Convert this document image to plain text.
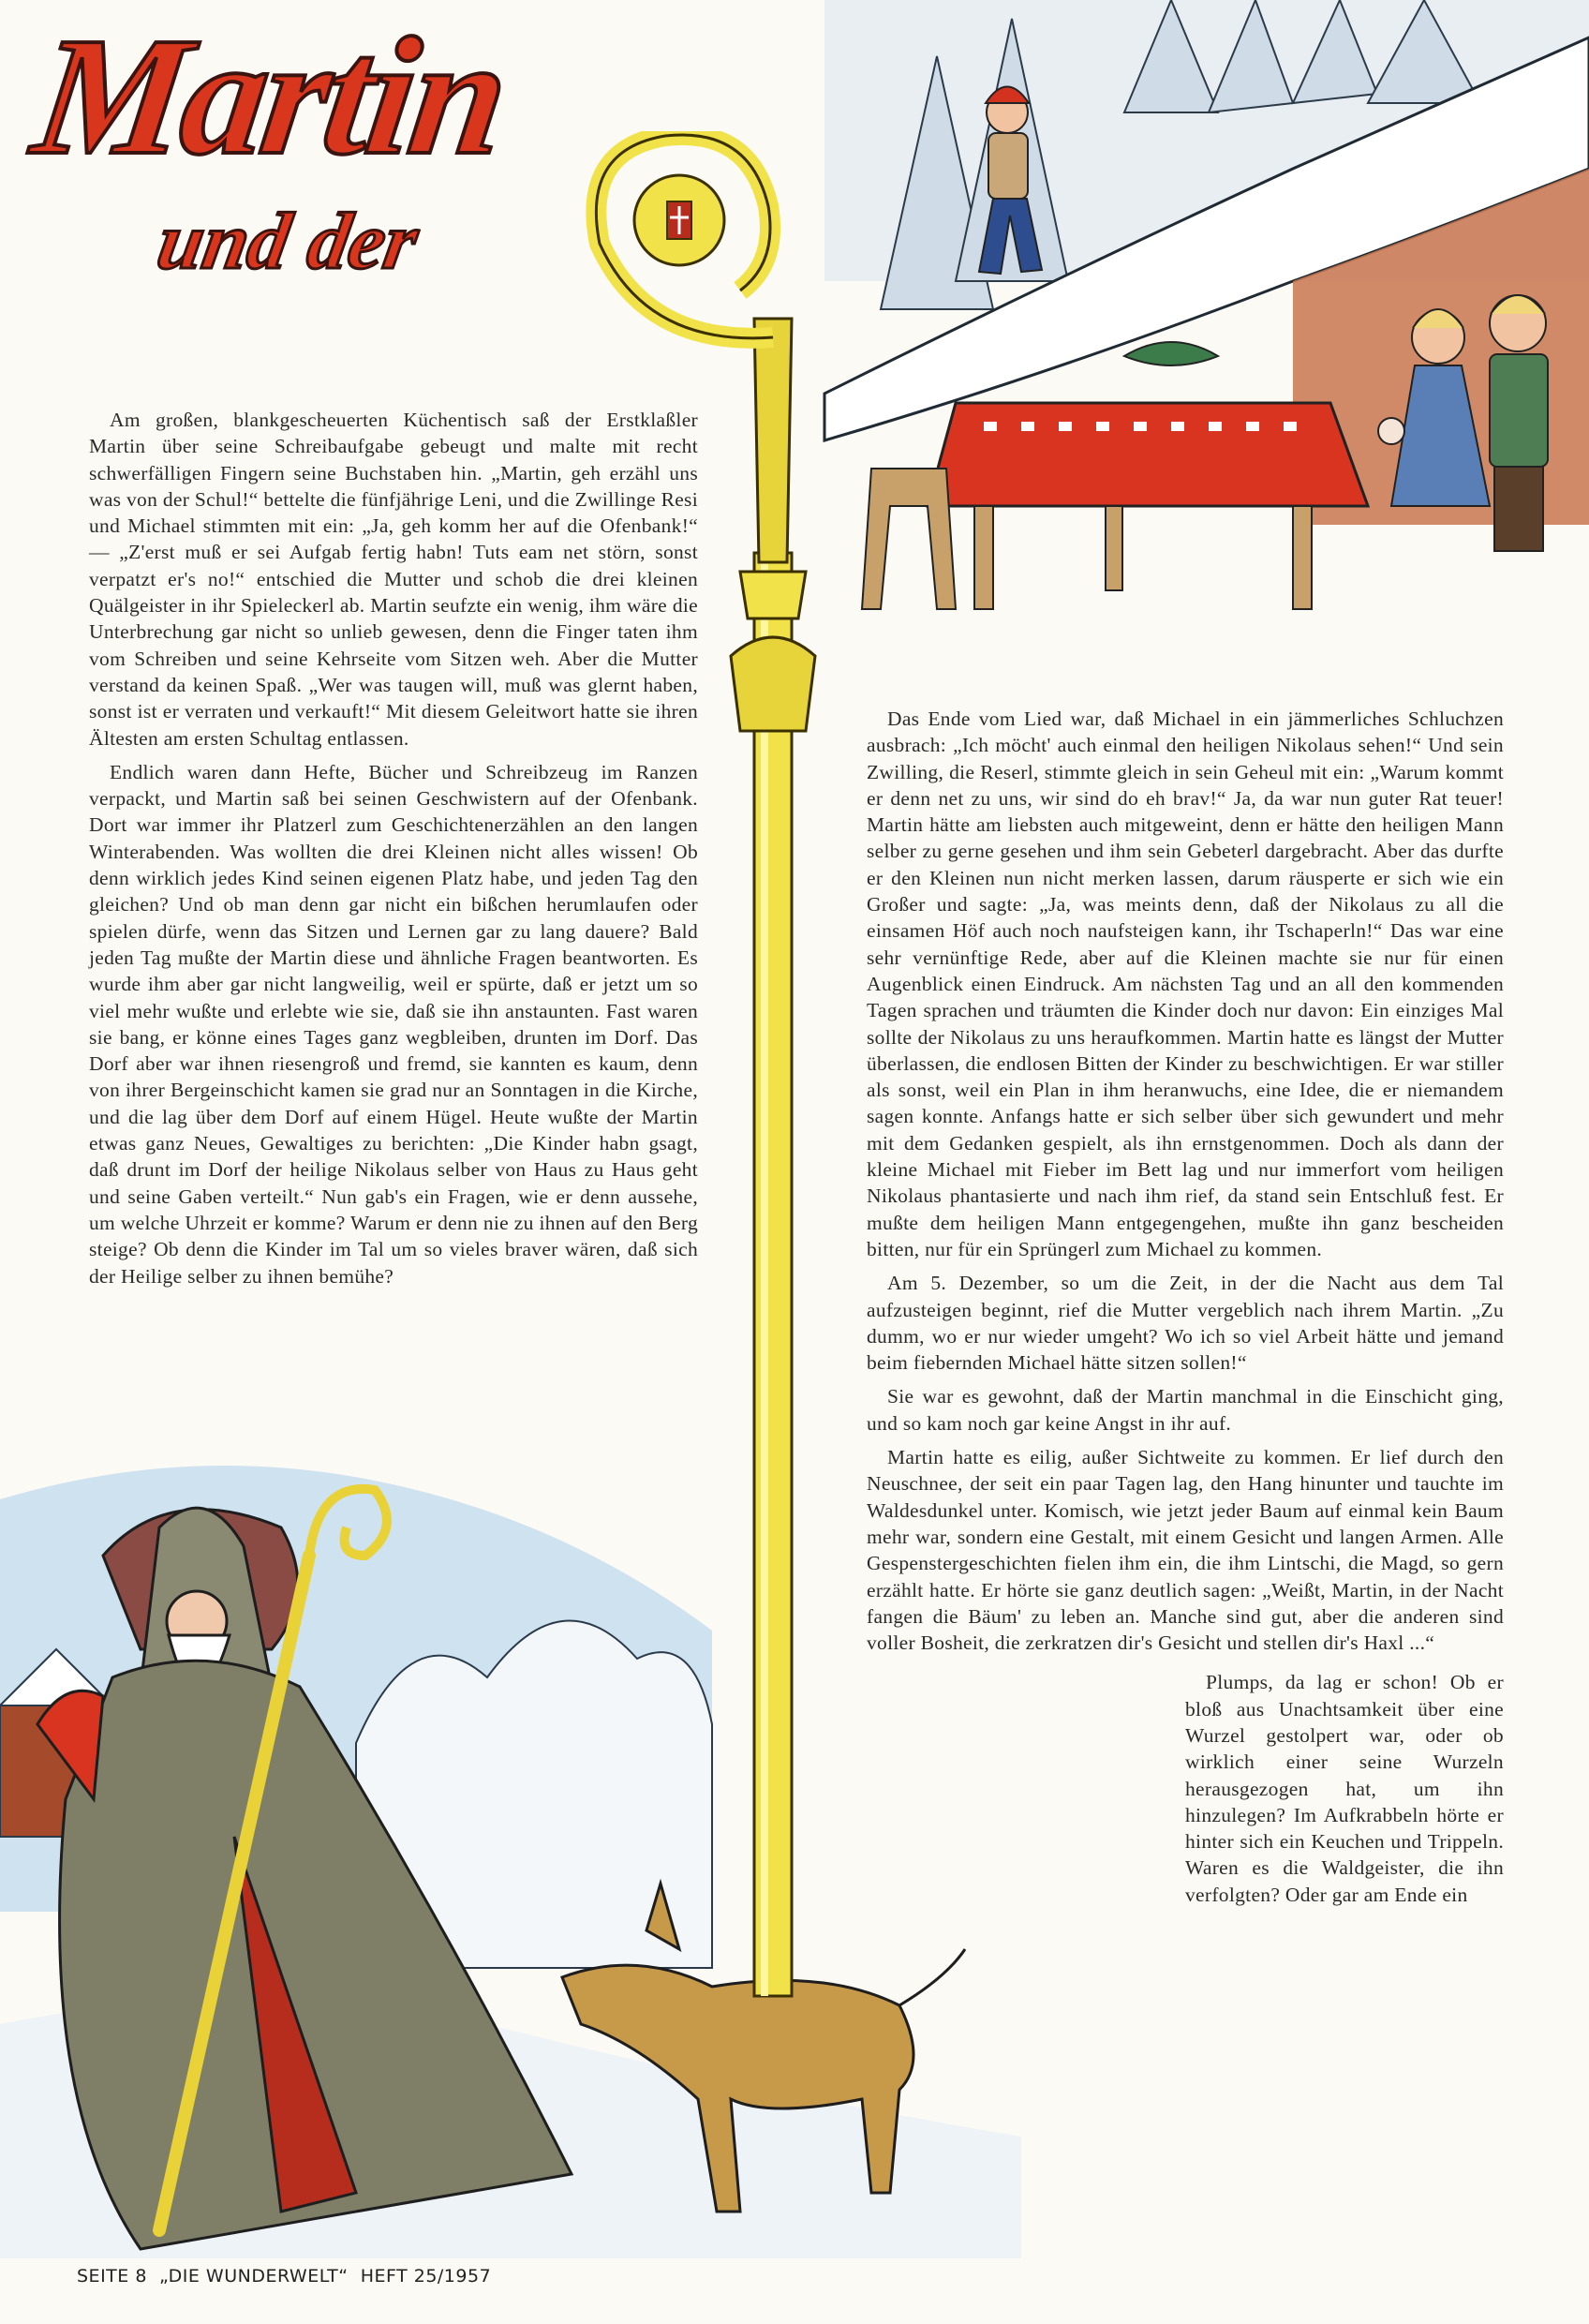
Martin
und der

Am großen, blankgescheuerten Küchentisch saß der Erstklaßler Martin über seine Schreibaufgabe gebeugt und malte mit recht schwerfälligen Fingern seine Buchstaben hin. „Martin, geh erzähl uns was von der Schul!“ bettelte die fünfjährige Leni, und die Zwillinge Resi und Michael stimmten mit ein: „Ja, geh komm her auf die Ofenbank!“ — „Z'erst muß er sei Aufgab fertig habn! Tuts eam net störn, sonst verpatzt er's no!“ entschied die Mutter und schob die drei kleinen Quälgeister in ihr Spieleckerl ab. Martin seufzte ein wenig, ihm wäre die Unterbrechung gar nicht so unlieb gewesen, denn die Finger taten ihm vom Schreiben und seine Kehrseite vom Sitzen weh. Aber die Mutter verstand da keinen Spaß. „Wer was taugen will, muß was glernt haben, sonst ist er verraten und verkauft!“ Mit diesem Geleitwort hatte sie ihren Ältesten am ersten Schultag entlassen.

Endlich waren dann Hefte, Bücher und Schreibzeug im Ranzen verpackt, und Martin saß bei seinen Geschwistern auf der Ofenbank. Dort war immer ihr Platzerl zum Geschichtenerzählen an den langen Winterabenden. Was wollten die drei Kleinen nicht alles wissen! Ob denn wirklich jedes Kind seinen eigenen Platz habe, und jeden Tag den gleichen? Und ob man denn gar nicht ein bißchen herumlaufen oder spielen dürfe, wenn das Sitzen und Lernen gar zu lang dauere? Bald jeden Tag mußte der Martin diese und ähnliche Fragen beantworten. Es wurde ihm aber gar nicht langweilig, weil er spürte, daß er jetzt um so viel mehr wußte und erlebte wie sie, daß sie ihn anstaunten. Fast waren sie bang, er könne eines Tages ganz wegbleiben, drunten im Dorf. Das Dorf aber war ihnen riesengroß und fremd, sie kannten es kaum, denn von ihrer Bergeinschicht kamen sie grad nur an Sonntagen in die Kirche, und die lag über dem Dorf auf einem Hügel. Heute wußte der Martin etwas ganz Neues, Gewaltiges zu berichten: „Die Kinder habn gsagt, daß drunt im Dorf der heilige Nikolaus selber von Haus zu Haus geht und seine Gaben verteilt.“ Nun gab's ein Fragen, wie er denn aussehe, um welche Uhrzeit er komme? Warum er denn nie zu ihnen auf den Berg steige? Ob denn die Kinder im Tal um so vieles braver wären, daß sich der Heilige selber zu ihnen bemühe?

Das Ende vom Lied war, daß Michael in ein jämmerliches Schluchzen ausbrach: „Ich möcht' auch einmal den heiligen Nikolaus sehen!“ Und sein Zwilling, die Reserl, stimmte gleich in sein Geheul mit ein: „Warum kommt er denn net zu uns, wir sind do eh brav!“ Ja, da war nun guter Rat teuer! Martin hätte am liebsten auch mitgeweint, denn er hätte den heiligen Mann selber zu gerne gesehen und ihm sein Gebeterl dargebracht. Aber das durfte er den Kleinen nun nicht merken lassen, darum räusperte er sich wie ein Großer und sagte: „Ja, was meints denn, daß der Nikolaus zu all die einsamen Höf auch noch naufsteigen kann, ihr Tschaperln!“ Das war eine sehr vernünftige Rede, aber auf die Kleinen machte sie nur für einen Augenblick einen Eindruck. Am nächsten Tag und an all den kommenden Tagen sprachen und träumten die Kinder doch nur davon: Ein einziges Mal sollte der Nikolaus zu uns heraufkommen. Martin hatte es längst der Mutter überlassen, die endlosen Bitten der Kinder zu beschwichtigen. Er war stiller als sonst, weil ein Plan in ihm heranwuchs, eine Idee, die er niemandem sagen konnte. Anfangs hatte er sich selber über sich gewundert und mehr mit dem Gedanken gespielt, als ihn ernstgenommen. Doch als dann der kleine Michael mit Fieber im Bett lag und nur immerfort vom heiligen Nikolaus phantasierte und nach ihm rief, da stand sein Entschluß fest. Er mußte dem heiligen Mann entgegengehen, mußte ihn ganz bescheiden bitten, nur für ein Sprüngerl zum Michael zu kommen.

Am 5. Dezember, so um die Zeit, in der die Nacht aus dem Tal aufzusteigen beginnt, rief die Mutter vergeblich nach ihrem Martin. „Zu dumm, wo er nur wieder umgeht? Wo ich so viel Arbeit hätte und jemand beim fiebernden Michael hätte sitzen sollen!“

Sie war es gewohnt, daß der Martin manchmal in die Einschicht ging, und so kam noch gar keine Angst in ihr auf.

Martin hatte es eilig, außer Sichtweite zu kommen. Er lief durch den Neuschnee, der seit ein paar Tagen lag, den Hang hinunter und tauchte im Waldesdunkel unter. Komisch, wie jetzt jeder Baum auf einmal kein Baum mehr war, sondern eine Gestalt, mit einem Gesicht und langen Armen. Alle Gespenstergeschichten fielen ihm ein, die ihm Lintschi, die Magd, so gern erzählt hatte. Er hörte sie ganz deutlich sagen: „Weißt, Martin, in der Nacht fangen die Bäum' zu leben an. Manche sind gut, aber die anderen sind voller Bosheit, die zerkratzen dir's Gesicht und stellen dir's Haxl ...“

Plumps, da lag er schon! Ob er bloß aus Unachtsamkeit über eine Wurzel gestolpert war, oder ob wirklich einer seine Wurzeln herausgezogen hat, um ihn hinzulegen? Im Aufkrabbeln hörte er hinter sich ein Keuchen und Trippeln. Waren es die Waldgeister, die ihn verfolgten? Oder gar am Ende ein

SEITE 8  „DIE WUNDERWELT“  HEFT 25/1957
